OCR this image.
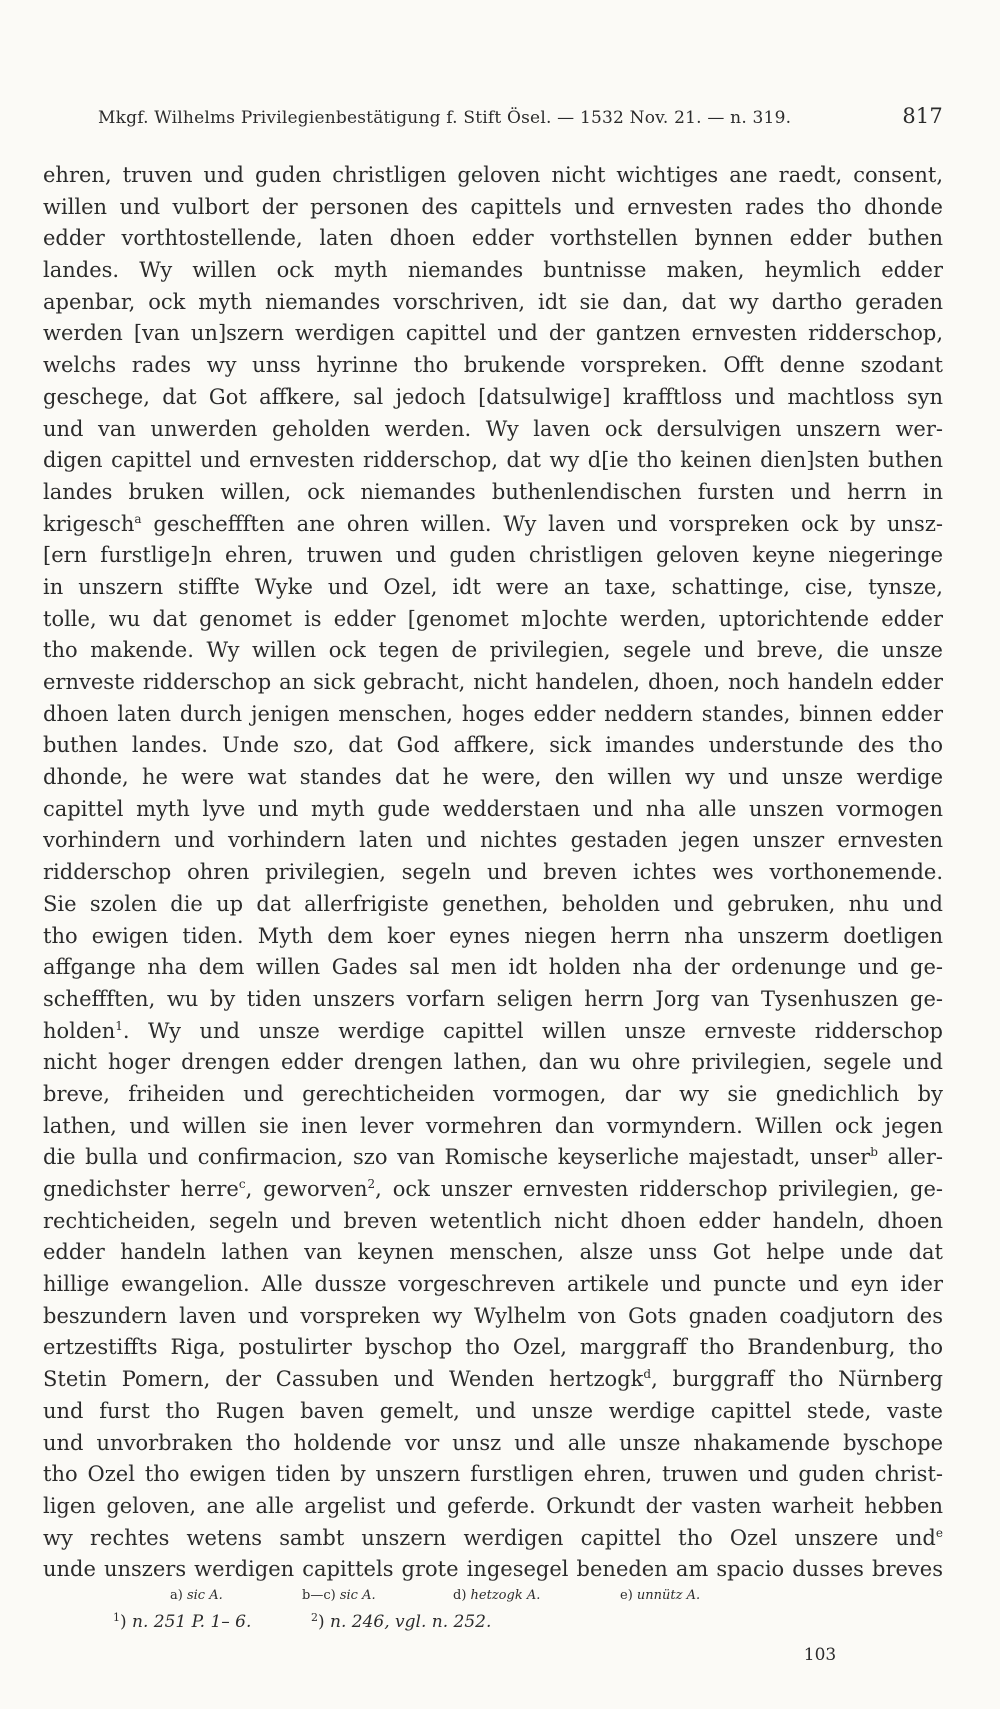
Mkgf. Wilhelms Privilegienbestätigung f. Stift Ösel. — 1532 Nov. 21. — n. 319.	817
ehren, truven und guden christligen geloven nicht wichtiges ane raedt, consent,
willen und vulbort der personen des capittels und ernvesten rades tho dhonde
edder vorthtostellende, laten dhoen edder vorthstellen bynnen edder buthen
landes. Wy willen ock myth niemandes buntnisse maken, heymlich edder
apenbar, ock myth niemandes vorschriven, idt sie dan, dat wy dartho geraden
werden [van un]szern werdigen capittel und der gantzen ernvesten ridderschop,
welchs rades wy unss hyrinne tho brukende vorspreken. Offt denne szodant
geschege, dat Got affkere, sal jedoch [datsulwige] krafftloss und machtloss syn
und van unwerden geholden werden. Wy laven ock dersulvigen unszern wer-
digen capittel und ernvesten ridderschop, dat wy d[ie tho keinen dien]sten buthen
landes bruken willen, ock niemandes buthenlendischen fursten und herrn in
krigesch$^a$ gescheffften ane ohren willen. Wy laven und vorspreken ock by unsz-
[ern furstlige]n ehren, truwen und guden christligen geloven keyne niegeringe
in unszern stiffte Wyke und Ozel, idt were an taxe, schattinge, cise, tynsze,
tolle, wu dat genomet is edder [genomet m]ochte werden, uptorichtende edder
tho makende. Wy willen ock tegen de privilegien, segele und breve, die unsze
ernveste ridderschop an sick gebracht, nicht handelen, dhoen, noch handeln edder
dhoen laten durch jenigen menschen, hoges edder neddern standes, binnen edder
buthen landes. Unde szo, dat God affkere, sick imandes understunde des tho
dhonde, he were wat standes dat he were, den willen wy und unsze werdige
capittel myth lyve und myth gude wedderstaen und nha alle unszen vormogen
vorhindern und vorhindern laten und nichtes gestaden jegen unszer ernvesten
ridderschop ohren privilegien, segeln und breven ichtes wes vorthonemende.
Sie szolen die up dat allerfrigiste genethen, beholden und gebruken, nhu und
tho ewigen tiden. Myth dem koer eynes niegen herrn nha unszerm doetligen
affgange nha dem willen Gades sal men idt holden nha der ordenunge und ge-
scheffften, wu by tiden unszers vorfarn seligen herrn Jorg van Tysenhuszen ge-
holden$^1$. Wy und unsze werdige capittel willen unsze ernveste ridderschop
nicht hoger drengen edder drengen lathen, dan wu ohre privilegien, segele und
breve, friheiden und gerechticheiden vormogen, dar wy sie gnedichlich by
lathen, und willen sie inen lever vormehren dan vormyndern. Willen ock jegen
die bulla und confirmacion, szo van Romische keyserliche majestadt, unser$^b$ aller-
gnedichster herre$^c$, geworven$^2$, ock unszer ernvesten ridderschop privilegien, ge-
rechticheiden, segeln und breven wetentlich nicht dhoen edder handeln, dhoen
edder handeln lathen van keynen menschen, alsze unss Got helpe unde dat
hillige ewangelion. Alle dussze vorgeschreven artikele und puncte und eyn ider
beszundern laven und vorspreken wy Wylhelm von Gots gnaden coadjutorn des
ertzestiffts Riga, postulirter byschop tho Ozel, marggraff tho Brandenburg, tho
Stetin Pomern, der Cassuben und Wenden hertzogk$^d$, burggraff tho Nürnberg
und furst tho Rugen baven gemelt, und unsze werdige capittel stede, vaste
und unvorbraken tho holdende vor unsz und alle unsze nhakamende byschope
tho Ozel tho ewigen tiden by unszern furstligen ehren, truwen und guden christ-
ligen geloven, ane alle argelist und geferde. Orkundt der vasten warheit hebben
wy rechtes wetens sambt unszern werdigen capittel tho Ozel unszere und$^e$
unde unszers werdigen capittels grote ingesegel beneden am spacio dusses breves
a) sic A.	b—c) sic A.	d) hetzogk A.	e) unnütz A.
$^1$) n. 251 P. 1– 6.	$^2$) n. 246, vgl. n. 252.
103
